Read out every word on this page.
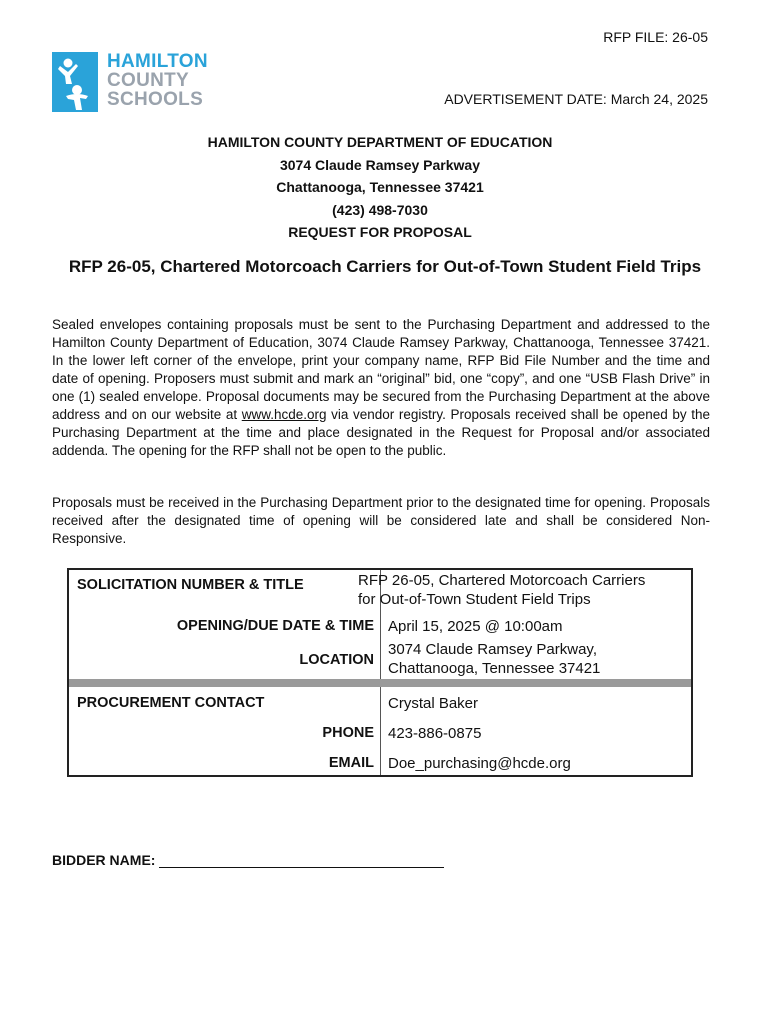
RFP FILE: 26-05
HAMILTON
COUNTY
SCHOOLS	ADVERTISEMENT DATE: March 24, 2025
HAMILTON COUNTY DEPARTMENT OF EDUCATION
3074 Claude Ramsey Parkway
Chattanooga, Tennessee 37421
(423) 498-7030
REQUEST FOR PROPOSAL
RFP 26-05, Chartered Motorcoach Carriers for Out-of-Town Student Field Trips
Sealed envelopes containing proposals must be sent to the Purchasing Department and addressed to the Hamilton County Department of Education, 3074 Claude Ramsey Parkway, Chattanooga, Tennessee 37421. In the lower left corner of the envelope, print your company name, RFP Bid File Number and the time and date of opening. Proposers must submit and mark an “original” bid, one “copy”, and one “USB Flash Drive” in one (1) sealed envelope. Proposal documents may be secured from the Purchasing Department at the above address and on our website at www.hcde.org via vendor registry. Proposals received shall be opened by the Purchasing Department at the time and place designated in the Request for Proposal and/or associated addenda. The opening for the RFP shall not be open to the public.
Proposals must be received in the Purchasing Department prior to the designated time for opening. Proposals received after the designated time of opening will be considered late and shall be considered Non-Responsive.
SOLICITATION NUMBER & TITLE	RFP 26-05, Chartered Motorcoach Carriers
for Out-of-Town Student Field Trips
OPENING/DUE DATE & TIME April 15, 2025 @ 10:00am
LOCATION
3074 Claude Ramsey Parkway,
Chattanooga, Tennessee 37421
PROCUREMENT CONTACT	Crystal Baker
PHONE 423-886-0875
EMAIL Doe_purchasing@hcde.org
BIDDER NAME:
